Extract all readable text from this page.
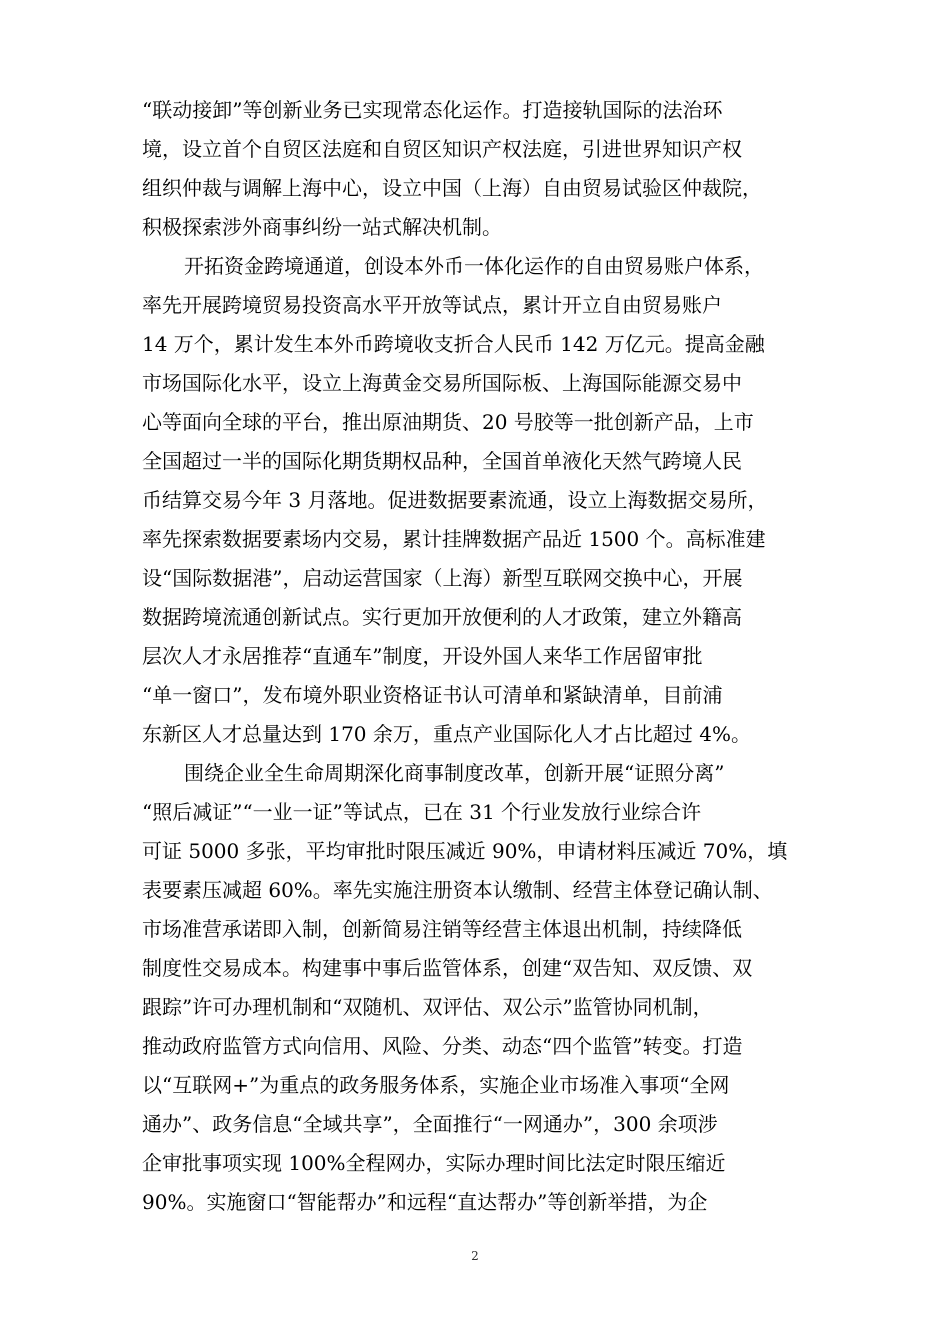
“联动接卸”等创新业务已实现常态化运作。打造接轨国际的法治环
境，设立首个自贸区法庭和自贸区知识产权法庭，引进世界知识产权
组织仲裁与调解上海中心，设立中国（上海）自由贸易试验区仲裁院，
积极探索涉外商事纠纷一站式解决机制。
开拓资金跨境通道，创设本外币一体化运作的自由贸易账户体系，
率先开展跨境贸易投资高水平开放等试点，累计开立自由贸易账户
14 万个，累计发生本外币跨境收支折合人民币 142 万亿元。提高金融
市场国际化水平，设立上海黄金交易所国际板、上海国际能源交易中
心等面向全球的平台，推出原油期货、20 号胶等一批创新产品，上市
全国超过一半的国际化期货期权品种，全国首单液化天然气跨境人民
币结算交易今年 3 月落地。促进数据要素流通，设立上海数据交易所，
率先探索数据要素场内交易，累计挂牌数据产品近 1500 个。高标准建
设“国际数据港”，启动运营国家（上海）新型互联网交换中心，开展
数据跨境流通创新试点。实行更加开放便利的人才政策，建立外籍高
层次人才永居推荐“直通车”制度，开设外国人来华工作居留审批
“单一窗口”，发布境外职业资格证书认可清单和紧缺清单，目前浦
东新区人才总量达到 170 余万，重点产业国际化人才占比超过 4%。
围绕企业全生命周期深化商事制度改革，创新开展“证照分离”
“照后减证”“一业一证”等试点，已在 31 个行业发放行业综合许
可证 5000 多张，平均审批时限压减近 90%，申请材料压减近 70%，填
表要素压减超 60%。率先实施注册资本认缴制、经营主体登记确认制、
市场准营承诺即入制，创新简易注销等经营主体退出机制，持续降低
制度性交易成本。构建事中事后监管体系，创建“双告知、双反馈、双
跟踪”许可办理机制和“双随机、双评估、双公示”监管协同机制，
推动政府监管方式向信用、风险、分类、动态“四个监管”转变。打造
以“互联网+”为重点的政务服务体系，实施企业市场准入事项“全网
通办”、政务信息“全域共享”，全面推行“一网通办”，300 余项涉
企审批事项实现 100%全程网办，实际办理时间比法定时限压缩近
90%。实施窗口“智能帮办”和远程“直达帮办”等创新举措，为企
2
